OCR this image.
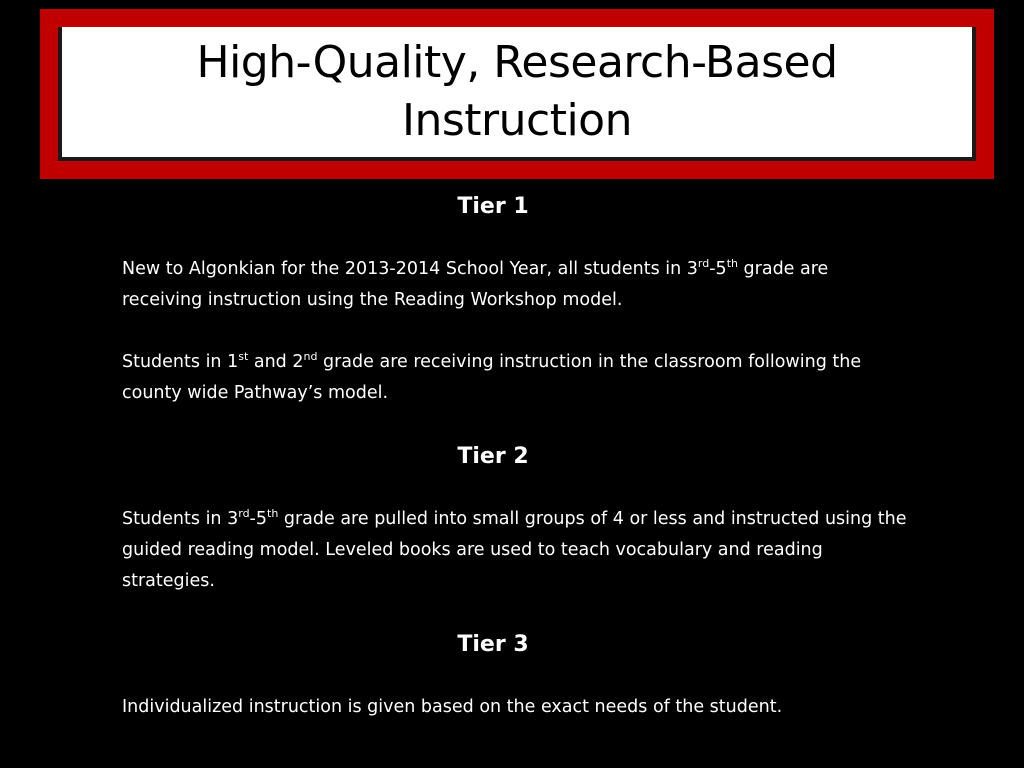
High-Quality, Research-Based
Instruction
Tier 1

New to Algonkian for the 2013-2014 School Year, all students in 3rd-5th grade are receiving instruction using the Reading Workshop model.

Students in 1st and 2nd grade are receiving instruction in the classroom following the county wide Pathway’s model.

Tier 2

Students in 3rd-5th grade are pulled into small groups of 4 or less and instructed using the guided reading model. Leveled books are used to teach vocabulary and reading strategies.

Tier 3

Individualized instruction is given based on the exact needs of the student.
